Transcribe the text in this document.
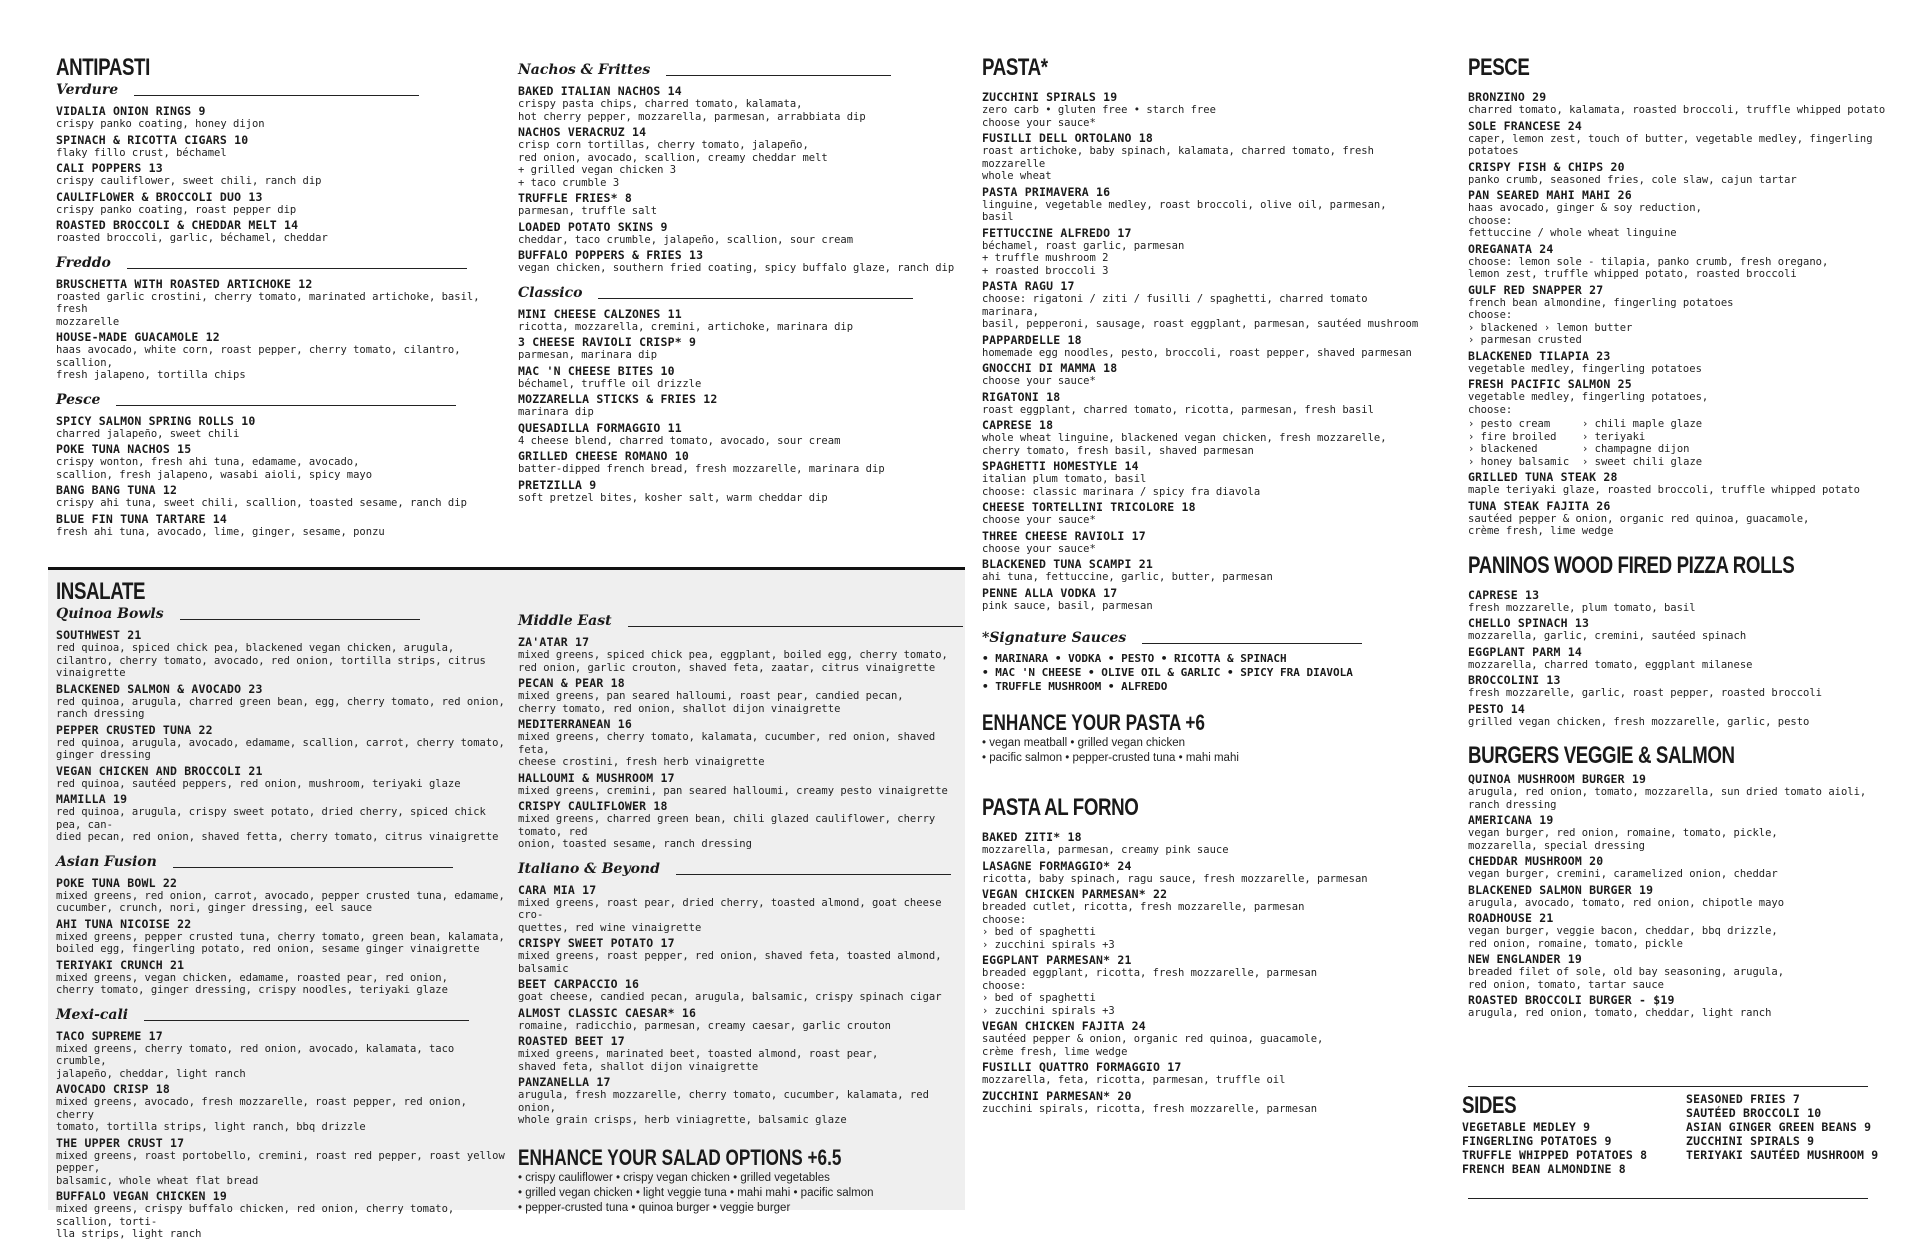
ANTIPASTI
Verdure
VIDALIA ONION RINGS 9
crispy panko coating, honey dijon
SPINACH & RICOTTA CIGARS 10
flaky fillo crust, béchamel
CALI POPPERS 13
crispy cauliflower, sweet chili, ranch dip
CAULIFLOWER & BROCCOLI DUO 13
crispy panko coating, roast pepper dip
ROASTED BROCCOLI & CHEDDAR MELT 14
roasted broccoli, garlic, béchamel, cheddar
Freddo
BRUSCHETTA WITH ROASTED ARTICHOKE 12
roasted garlic crostini, cherry tomato, marinated artichoke, basil, fresh
mozzarelle
HOUSE-MADE GUACAMOLE 12
haas avocado, white corn, roast pepper, cherry tomato, cilantro, scallion,
fresh jalapeno, tortilla chips
Pesce
SPICY SALMON SPRING ROLLS 10
charred jalapeño, sweet chili
POKE TUNA NACHOS 15
crispy wonton, fresh ahi tuna, edamame, avocado,
scallion, fresh jalapeno, wasabi aioli, spicy mayo
BANG BANG TUNA 12
crispy ahi tuna, sweet chili, scallion, toasted sesame, ranch dip
BLUE FIN TUNA TARTARE 14
fresh ahi tuna, avocado, lime, ginger, sesame, ponzu
Nachos & Frittes
BAKED ITALIAN NACHOS 14
crispy pasta chips, charred tomato, kalamata,
hot cherry pepper, mozzarella, parmesan, arrabbiata dip
NACHOS VERACRUZ 14
crisp corn tortillas, cherry tomato, jalapeño,
red onion, avocado, scallion, creamy cheddar melt
+ grilled vegan chicken 3
+ taco crumble 3
TRUFFLE FRIES* 8
parmesan, truffle salt
LOADED POTATO SKINS 9
cheddar, taco crumble, jalapeño, scallion, sour cream
BUFFALO POPPERS & FRIES 13
vegan chicken, southern fried coating, spicy buffalo glaze, ranch dip
Classico
MINI CHEESE CALZONES 11
ricotta, mozzarella, cremini, artichoke, marinara dip
3 CHEESE RAVIOLI CRISP* 9
parmesan, marinara dip
MAC 'N CHEESE BITES 10
béchamel, truffle oil drizzle
MOZZARELLA STICKS & FRIES 12
marinara dip
QUESADILLA FORMAGGIO 11
4 cheese blend, charred tomato, avocado, sour cream
GRILLED CHEESE ROMANO 10
batter-dipped french bread, fresh mozzarelle, marinara dip
PRETZILLA 9
soft pretzel bites, kosher salt, warm cheddar dip
INSALATE
Quinoa Bowls
SOUTHWEST 21
red quinoa, spiced chick pea, blackened vegan chicken, arugula,
cilantro, cherry tomato, avocado, red onion, tortilla strips, citrus vinaigrette
BLACKENED SALMON & AVOCADO 23
red quinoa, arugula, charred green bean, egg, cherry tomato, red onion,
ranch dressing
PEPPER CRUSTED TUNA 22
red quinoa, arugula, avocado, edamame, scallion, carrot, cherry tomato,
ginger dressing
VEGAN CHICKEN AND BROCCOLI 21
red quinoa, sautéed peppers, red onion, mushroom, teriyaki glaze
MAMILLA 19
red quinoa, arugula, crispy sweet potato, dried cherry, spiced chick pea, can-
died pecan, red onion, shaved fetta, cherry tomato, citrus vinaigrette
Asian Fusion
POKE TUNA BOWL 22
mixed greens, red onion, carrot, avocado, pepper crusted tuna, edamame,
cucumber, crunch, nori, ginger dressing, eel sauce
AHI TUNA NICOISE 22
mixed greens, pepper crusted tuna, cherry tomato, green bean, kalamata,
boiled egg, fingerling potato, red onion, sesame ginger vinaigrette
TERIYAKI CRUNCH 21
mixed greens, vegan chicken, edamame, roasted pear, red onion,
cherry tomato, ginger dressing, crispy noodles, teriyaki glaze
Mexi-cali
TACO SUPREME 17
mixed greens, cherry tomato, red onion, avocado, kalamata, taco crumble,
jalapeño, cheddar, light ranch
AVOCADO CRISP 18
mixed greens, avocado, fresh mozzarelle, roast pepper, red onion, cherry
tomato, tortilla strips, light ranch, bbq drizzle
THE UPPER CRUST 17
mixed greens, roast portobello, cremini, roast red pepper, roast yellow pepper,
balsamic, whole wheat flat bread
BUFFALO VEGAN CHICKEN 19
mixed greens, crispy buffalo chicken, red onion, cherry tomato, scallion, torti-
lla strips, light ranch
Middle East
ZA'ATAR 17
mixed greens, spiced chick pea, eggplant, boiled egg, cherry tomato,
red onion, garlic crouton, shaved feta, zaatar, citrus vinaigrette
PECAN & PEAR 18
mixed greens, pan seared halloumi, roast pear, candied pecan,
cherry tomato, red onion, shallot dijon vinaigrette
MEDITERRANEAN 16
mixed greens, cherry tomato, kalamata, cucumber, red onion, shaved feta,
cheese crostini, fresh herb vinaigrette
HALLOUMI & MUSHROOM 17
mixed greens, cremini, pan seared halloumi, creamy pesto vinaigrette
CRISPY CAULIFLOWER 18
mixed greens, charred green bean, chili glazed cauliflower, cherry tomato, red
onion, toasted sesame, ranch dressing
Italiano & Beyond
CARA MIA 17
mixed greens, roast pear, dried cherry, toasted almond, goat cheese cro-
quettes, red wine vinaigrette
CRISPY SWEET POTATO 17
mixed greens, roast pepper, red onion, shaved feta, toasted almond, balsamic
BEET CARPACCIO 16
goat cheese, candied pecan, arugula, balsamic, crispy spinach cigar
ALMOST CLASSIC CAESAR* 16
romaine, radicchio, parmesan, creamy caesar, garlic crouton
ROASTED BEET 17
mixed greens, marinated beet, toasted almond, roast pear,
shaved feta, shallot dijon vinaigrette
PANZANELLA 17
arugula, fresh mozzarelle, cherry tomato, cucumber, kalamata, red onion,
whole grain crisps, herb viniagrette, balsamic glaze
ENHANCE YOUR SALAD OPTIONS +6.5
• crispy cauliflower • crispy vegan chicken • grilled vegetables
• grilled vegan chicken • light veggie tuna • mahi mahi • pacific salmon
• pepper-crusted tuna • quinoa burger • veggie burger
PASTA*
ZUCCHINI SPIRALS 19
zero carb • gluten free • starch free
choose your sauce*
FUSILLI DELL ORTOLANO 18
roast artichoke, baby spinach, kalamata, charred tomato, fresh mozzarelle
whole wheat
PASTA PRIMAVERA 16
linguine, vegetable medley, roast broccoli, olive oil, parmesan, basil
FETTUCCINE ALFREDO 17
béchamel, roast garlic, parmesan
+ truffle mushroom 2
+ roasted broccoli 3
PASTA RAGU 17
choose: rigatoni / ziti / fusilli / spaghetti, charred tomato marinara,
basil, pepperoni, sausage, roast eggplant, parmesan, sautéed mushroom
PAPPARDELLE 18
homemade egg noodles, pesto, broccoli, roast pepper, shaved parmesan
GNOCCHI DI MAMMA 18
choose your sauce*
RIGATONI 18
roast eggplant, charred tomato, ricotta, parmesan, fresh basil
CAPRESE 18
whole wheat linguine, blackened vegan chicken, fresh mozzarelle,
cherry tomato, fresh basil, shaved parmesan
SPAGHETTI HOMESTYLE 14
italian plum tomato, basil
choose: classic marinara / spicy fra diavola
CHEESE TORTELLINI TRICOLORE 18
choose your sauce*
THREE CHEESE RAVIOLI 17
choose your sauce*
BLACKENED TUNA SCAMPI 21
ahi tuna, fettuccine, garlic, butter, parmesan
PENNE ALLA VODKA 17
pink sauce, basil, parmesan
*Signature Sauces
• MARINARA • VODKA • PESTO • RICOTTA & SPINACH
• MAC 'N CHEESE • OLIVE OIL & GARLIC • SPICY FRA DIAVOLA
• TRUFFLE MUSHROOM • ALFREDO
ENHANCE YOUR PASTA +6
• vegan meatball • grilled vegan chicken
• pacific salmon • pepper-crusted tuna • mahi mahi
PASTA AL FORNO
BAKED ZITI* 18
mozzarella, parmesan, creamy pink sauce
LASAGNE FORMAGGIO* 24
ricotta, baby spinach, ragu sauce, fresh mozzarelle, parmesan
VEGAN CHICKEN PARMESAN* 22
breaded cutlet, ricotta, fresh mozzarelle, parmesan
choose:
› bed of spaghetti
› zucchini spirals +3
EGGPLANT PARMESAN* 21
breaded eggplant, ricotta, fresh mozzarelle, parmesan
choose:
› bed of spaghetti
› zucchini spirals +3
VEGAN CHICKEN FAJITA 24
sautéed pepper & onion, organic red quinoa, guacamole,
crème fresh, lime wedge
FUSILLI QUATTRO FORMAGGIO 17
mozzarella, feta, ricotta, parmesan, truffle oil
ZUCCHINI PARMESAN* 20
zucchini spirals, ricotta, fresh mozzarelle, parmesan
PESCE
BRONZINO 29
charred tomato, kalamata, roasted broccoli, truffle whipped potato
SOLE FRANCESE 24
caper, lemon zest, touch of butter, vegetable medley, fingerling potatoes
CRISPY FISH & CHIPS 20
panko crumb, seasoned fries, cole slaw, cajun tartar
PAN SEARED MAHI MAHI 26
haas avocado, ginger & soy reduction,
choose:
fettuccine / whole wheat linguine
OREGANATA 24
choose: lemon sole - tilapia, panko crumb, fresh oregano,
lemon zest, truffle whipped potato, roasted broccoli
GULF RED SNAPPER 27
french bean almondine, fingerling potatoes
choose:
› blackened › lemon butter
› parmesan crusted
BLACKENED TILAPIA 23
vegetable medley, fingerling potatoes
FRESH PACIFIC SALMON 25
vegetable medley, fingerling potatoes,
choose:
› pesto cream
› fire broiled
› blackened
› honey balsamic
› chili maple glaze
› teriyaki
› champagne dijon
› sweet chili glaze
GRILLED TUNA STEAK 28
maple teriyaki glaze, roasted broccoli, truffle whipped potato
TUNA STEAK FAJITA 26
sautéed pepper & onion, organic red quinoa, guacamole,
crème fresh, lime wedge
PANINOS WOOD FIRED PIZZA ROLLS
CAPRESE 13
fresh mozzarelle, plum tomato, basil
CHELLO SPINACH 13
mozzarella, garlic, cremini, sautéed spinach
EGGPLANT PARM 14
mozzarella, charred tomato, eggplant milanese
BROCCOLINI 13
fresh mozzarelle, garlic, roast pepper, roasted broccoli
PESTO 14
grilled vegan chicken, fresh mozzarelle, garlic, pesto
BURGERS VEGGIE & SALMON
QUINOA MUSHROOM BURGER 19
arugula, red onion, tomato, mozzarella, sun dried tomato aioli,
ranch dressing
AMERICANA 19
vegan burger, red onion, romaine, tomato, pickle,
mozzarella, special dressing
CHEDDAR MUSHROOM 20
vegan burger, cremini, caramelized onion, cheddar
BLACKENED SALMON BURGER 19
arugula, avocado, tomato, red onion, chipotle mayo
ROADHOUSE 21
vegan burger, veggie bacon, cheddar, bbq drizzle,
red onion, romaine, tomato, pickle
NEW ENGLANDER 19
breaded filet of sole, old bay seasoning, arugula,
red onion, tomato, tartar sauce
ROASTED BROCCOLI BURGER - $19
arugula, red onion, tomato, cheddar, light ranch
SIDES
VEGETABLE MEDLEY 9
FINGERLING POTATOES 9
TRUFFLE WHIPPED POTATOES 8
FRENCH BEAN ALMONDINE 8
SEASONED FRIES 7
SAUTÉED BROCCOLI 10
ASIAN GINGER GREEN BEANS 9
ZUCCHINI SPIRALS 9
TERIYAKI SAUTÉED MUSHROOM 9
